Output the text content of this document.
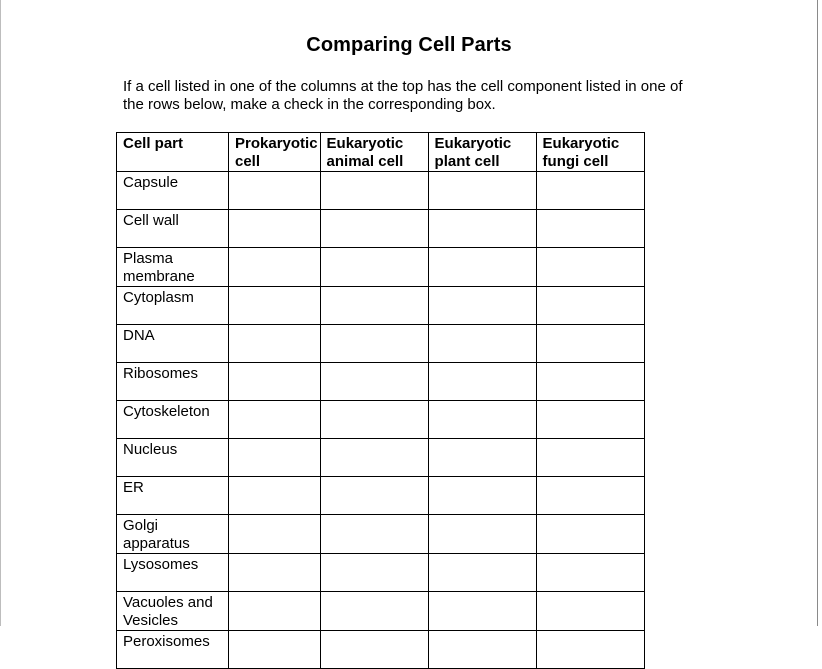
Comparing Cell Parts
If a cell listed in one of the columns at the top has the cell component listed in one of the rows below, make a check in the corresponding box.
Cell part	Prokaryotic cell	Eukaryotic animal cell	Eukaryotic plant cell	Eukaryotic fungi cell
Capsule				
Cell wall				
Plasma membrane				
Cytoplasm				
DNA				
Ribosomes				
Cytoskeleton				
Nucleus				
ER				
Golgi apparatus				
Lysosomes				
Vacuoles and Vesicles				
Peroxisomes				
